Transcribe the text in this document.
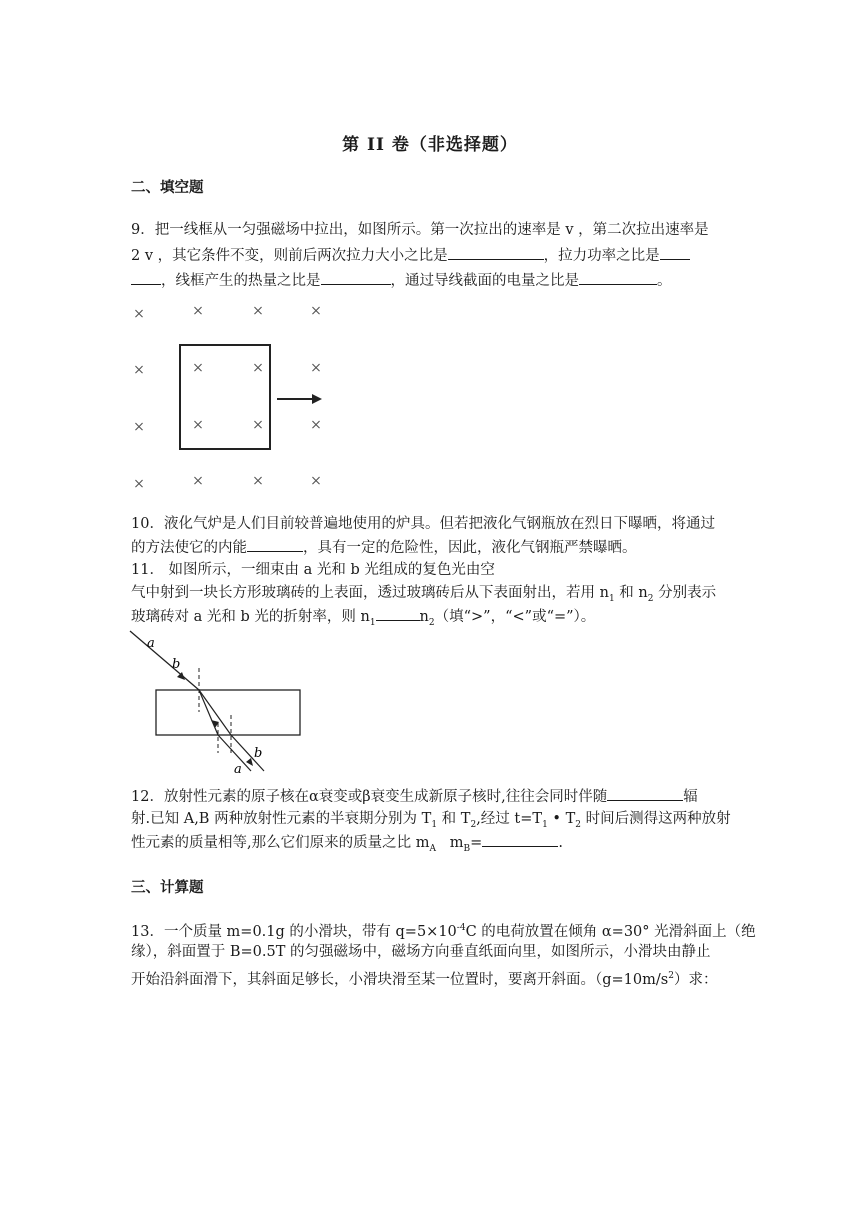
第 II 卷（非选择题）
二、填空题
9．把一线框从一匀强磁场中拉出，如图所示。第一次拉出的速率是 v ，第二次拉出速率是
2 v ，其它条件不变，则前后两次拉力大小之比是	，拉力功率之比是
，线框产生的热量之比是	，通过导线截面的电量之比是	。
×	×	×	×
×	×	×	×
×	×	×	×
×	×	×	×
10．液化气炉是人们目前较普遍地使用的炉具。但若把液化气钢瓶放在烈日下曝晒，将通过
的方法使它的内能	，具有一定的危险性，因此，液化气钢瓶严禁曝晒。
11． 如图所示，一细束由 a 光和 b 光组成的复色光由空
气中射到一块长方形玻璃砖的上表面，透过玻璃砖后从下表面射出，若用 $n_1$ 和 $n_2$ 分别表示
玻璃砖对 a 光和 b 光的折射率，则 $n_1$	$n_2$（填“>”，“<”或“=”）。
a
b
b
a
12．放射性元素的原子核在α衰变或β衰变生成新原子核时,往往会同时伴随	辐
射.已知 A,B 两种放射性元素的半衰期分别为 $T_1$ 和 $T_2$,经过 $t=T_1$ • $T_2$ 时间后测得这两种放射
性元素的质量相等,那么它们原来的质量之比 $m_A$   $m_B=$	.
三、计算题
13．一个质量 m=0.1g 的小滑块，带有 $q=5\times 10^{-4}C$ 的电荷放置在倾角 α=30° 光滑斜面上（绝
缘），斜面置于 B=0.5T 的匀强磁场中，磁场方向垂直纸面向里，如图所示，小滑块由静止
开始沿斜面滑下，其斜面足够长，小滑块滑至某一位置时，要离开斜面。$(g=10m/s^2)$求：
